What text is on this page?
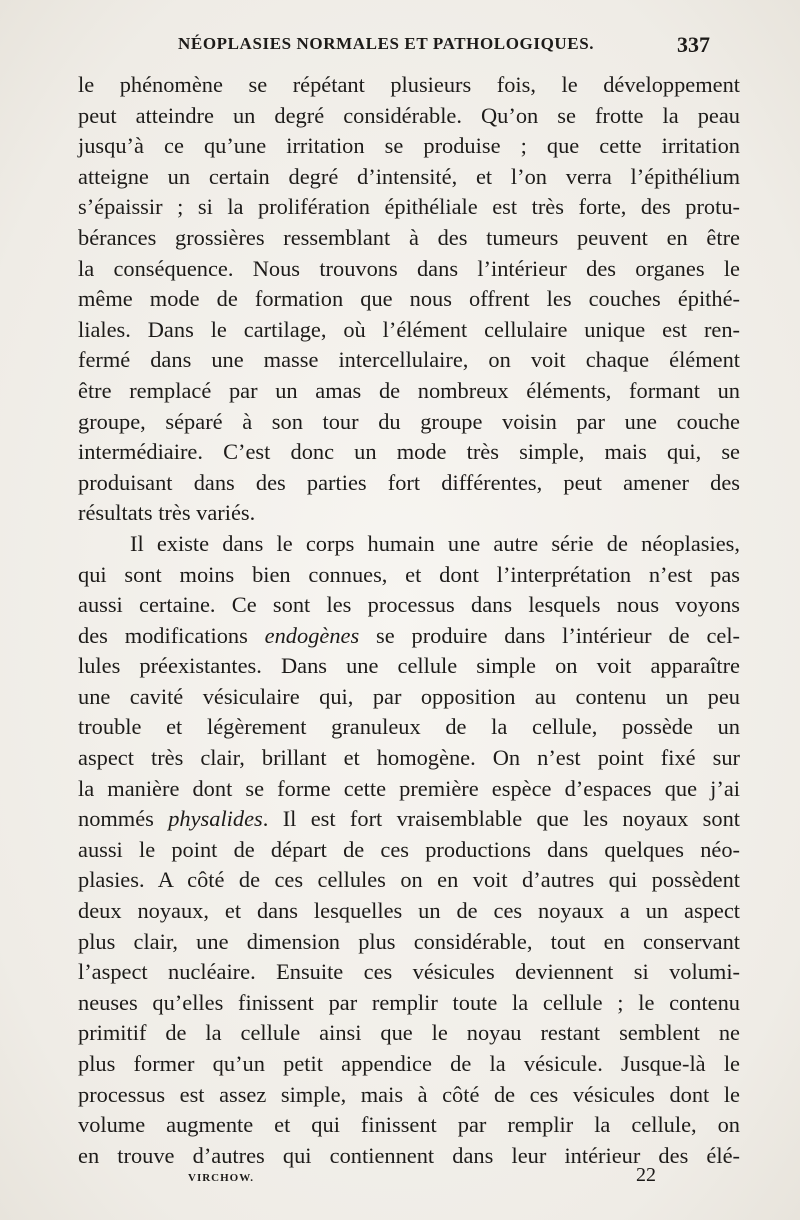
NÉOPLASIES NORMALES ET PATHOLOGIQUES.	337
le phénomène se répétant plusieurs fois, le développement
peut atteindre un degré considérable. Qu’on se frotte la peau
jusqu’à ce qu’une irritation se produise ; que cette irritation
atteigne un certain degré d’intensité, et l’on verra l’épithélium
s’épaissir ; si la prolifération épithéliale est très forte, des protu-
bérances grossières ressemblant à des tumeurs peuvent en être
la conséquence. Nous trouvons dans l’intérieur des organes le
même mode de formation que nous offrent les couches épithé-
liales. Dans le cartilage, où l’élément cellulaire unique est ren-
fermé dans une masse intercellulaire, on voit chaque élément
être remplacé par un amas de nombreux éléments, formant un
groupe, séparé à son tour du groupe voisin par une couche
intermédiaire. C’est donc un mode très simple, mais qui, se
produisant dans des parties fort différentes, peut amener des
résultats très variés.
Il existe dans le corps humain une autre série de néoplasies,
qui sont moins bien connues, et dont l’interprétation n’est pas
aussi certaine. Ce sont les processus dans lesquels nous voyons
des modifications endogènes se produire dans l’intérieur de cel-
lules préexistantes. Dans une cellule simple on voit apparaître
une cavité vésiculaire qui, par opposition au contenu un peu
trouble et légèrement granuleux de la cellule, possède un
aspect très clair, brillant et homogène. On n’est point fixé sur
la manière dont se forme cette première espèce d’espaces que j’ai
nommés physalides. Il est fort vraisemblable que les noyaux sont
aussi le point de départ de ces productions dans quelques néo-
plasies. A côté de ces cellules on en voit d’autres qui possèdent
deux noyaux, et dans lesquelles un de ces noyaux a un aspect
plus clair, une dimension plus considérable, tout en conservant
l’aspect nucléaire. Ensuite ces vésicules deviennent si volumi-
neuses qu’elles finissent par remplir toute la cellule ; le contenu
primitif de la cellule ainsi que le noyau restant semblent ne
plus former qu’un petit appendice de la vésicule. Jusque-là le
processus est assez simple, mais à côté de ces vésicules dont le
volume augmente et qui finissent par remplir la cellule, on
en trouve d’autres qui contiennent dans leur intérieur des élé-
VIRCHOW.	22
